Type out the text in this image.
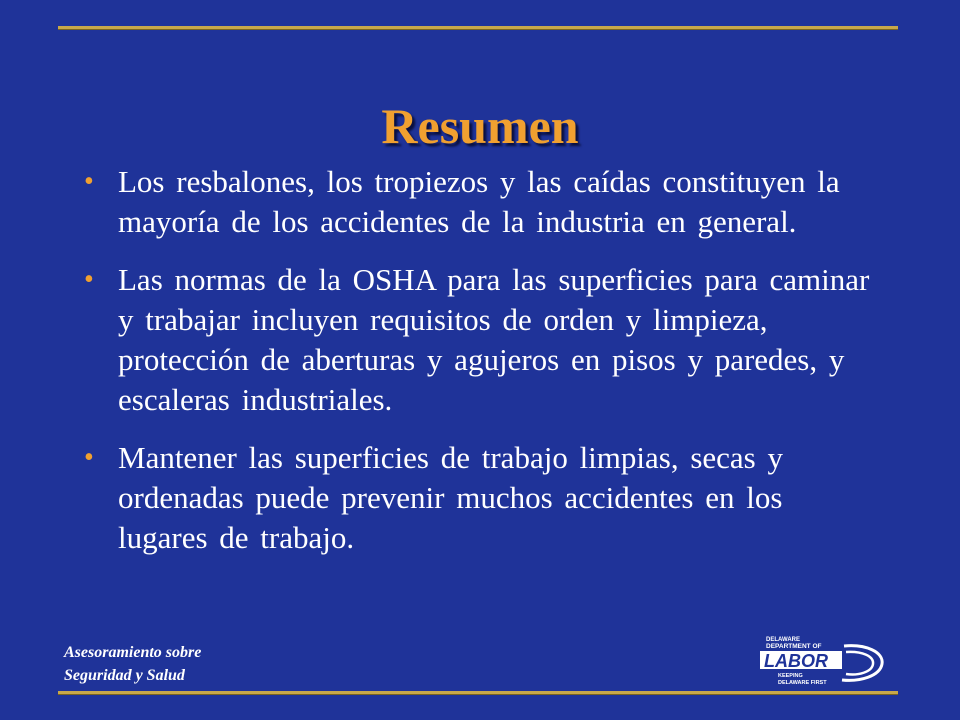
Resumen
• Los resbalones, los tropiezos y las caídas constituyen la mayoría de los accidentes de la industria en general.
• Las normas de la OSHA para las superficies para caminar y trabajar incluyen requisitos de orden y limpieza, protección de aberturas y agujeros en pisos y paredes, y escaleras industriales.
• Mantener las superficies de trabajo limpias, secas y ordenadas puede prevenir muchos accidentes en los lugares de trabajo.
Asesoramiento sobre
Seguridad y Salud
DELAWARE
DEPARTMENT OF
LABOR
KEEPING
DELAWARE FIRST
